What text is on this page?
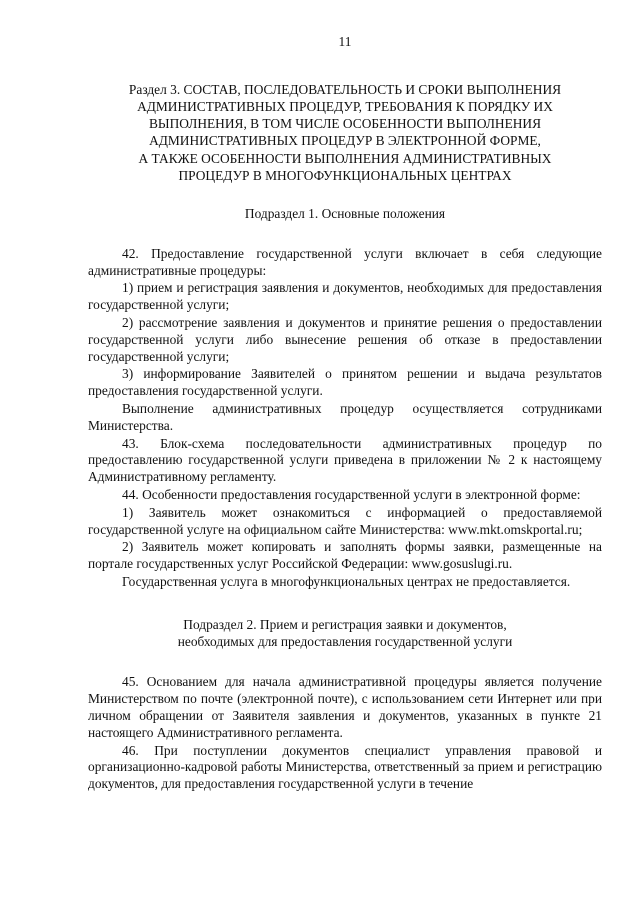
11
Раздел 3. СОСТАВ, ПОСЛЕДОВАТЕЛЬНОСТЬ И СРОКИ ВЫПОЛНЕНИЯ
АДМИНИСТРАТИВНЫХ ПРОЦЕДУР, ТРЕБОВАНИЯ К ПОРЯДКУ ИХ
ВЫПОЛНЕНИЯ, В ТОМ ЧИСЛЕ ОСОБЕННОСТИ ВЫПОЛНЕНИЯ
АДМИНИСТРАТИВНЫХ ПРОЦЕДУР В ЭЛЕКТРОННОЙ ФОРМЕ,
А ТАКЖЕ ОСОБЕННОСТИ ВЫПОЛНЕНИЯ АДМИНИСТРАТИВНЫХ
ПРОЦЕДУР В МНОГОФУНКЦИОНАЛЬНЫХ ЦЕНТРАХ
Подраздел 1. Основные положения

42. Предоставление государственной услуги включает в себя следующие административные процедуры:

1) прием и регистрация заявления и документов, необходимых для предоставления государственной услуги;

2) рассмотрение заявления и документов и принятие решения о предоставлении государственной услуги либо вынесение решения об отказе в предоставлении государственной услуги;

3) информирование Заявителей о принятом решении и выдача результатов предоставления государственной услуги.

Выполнение административных процедур осуществляется сотрудниками Министерства.

43. Блок-схема последовательности административных процедур по предоставлению государственной услуги приведена в приложении № 2 к настоящему Административному регламенту.

44. Особенности предоставления государственной услуги в электронной форме:

1) Заявитель может ознакомиться с информацией о предоставляемой государственной услуге на официальном сайте Министерства: www.mkt.omskportal.ru;

2) Заявитель может копировать и заполнять формы заявки, размещенные на портале государственных услуг Российской Федерации: www.gosuslugi.ru.

Государственная услуга в многофункциональных центрах не предоставляется.

Подраздел 2. Прием и регистрация заявки и документов,
необходимых для предоставления государственной услуги

45. Основанием для начала административной процедуры является получение Министерством по почте (электронной почте), с использованием сети Интернет или при личном обращении от Заявителя заявления и документов, указанных в пункте 21 настоящего Административного регламента.

46. При поступлении документов специалист управления правовой и организационно-кадровой работы Министерства, ответственный за прием и регистрацию документов, для предоставления государственной услуги в течение
